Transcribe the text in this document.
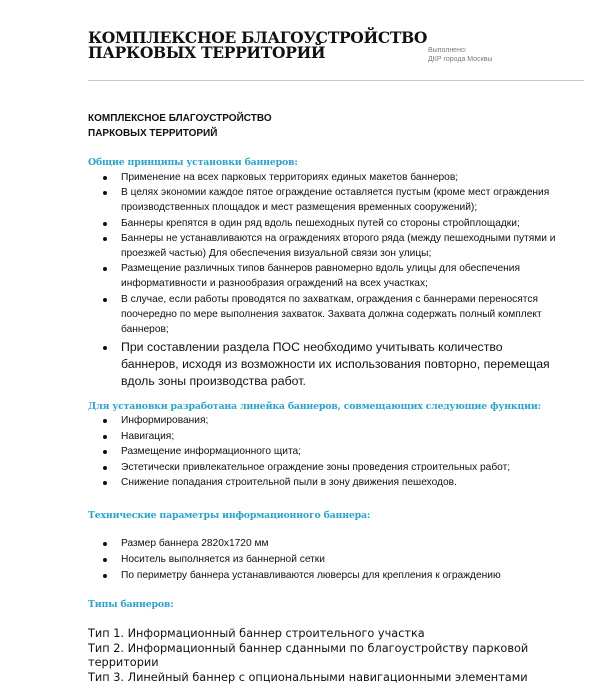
КОМПЛЕКСНОЕ БЛАГОУСТРОЙСТВО
ПАРКОВЫХ ТЕРРИТОРИЙ	Выполнено:
ДКР города Москвы
КОМПЛЕКСНОЕ БЛАГОУСТРОЙСТВО
ПАРКОВЫХ ТЕРРИТОРИЙ
Общие принципы установки баннеров:
Применение на всех парковых территориях единых макетов баннеров;
В целях экономии каждое пятое ограждение оставляется пустым (кроме мест ограждения производственных площадок и мест размещения временных сооружений);
Баннеры крепятся в один ряд вдоль пешеходных путей со стороны стройплощадки;
Баннеры не устанавливаются на ограждениях второго ряда (между пешеходными путями и проезжей частью) Для обеспечения визуальной связи зон улицы;
Размещение различных типов баннеров равномерно вдоль улицы для обеспечения информативности и разнообразия ограждений на всех участках;
В случае, если работы проводятся по захваткам, ограждения с баннерами переносятся поочередно по мере выполнения захваток. Захвата должна содержать полный комплект баннеров;
При составлении раздела ПОС необходимо учитывать количество баннеров, исходя из возможности их использования повторно, перемещая вдоль зоны производства работ.
Для установки разработана линейка баннеров, совмещающих следующие функции:
Информирования;
Навигация;
Размещение информационного щита;
Эстетически привлекательное ограждение зоны проведения строительных работ;
Снижение попадания строительной пыли в зону движения пешеходов.
Технические параметры информационного баннера:
Размер баннера 2820х1720 мм
Носитель выполняется из баннерной сетки
По периметру баннера устанавливаются люверсы для крепления к ограждению
Типы баннеров:
Тип 1. Информационный баннер строительного участка
Тип 2. Информационный баннер сданными по благоустройству парковой территории
Тип 3. Линейный баннер с опциональными навигационными элементами
